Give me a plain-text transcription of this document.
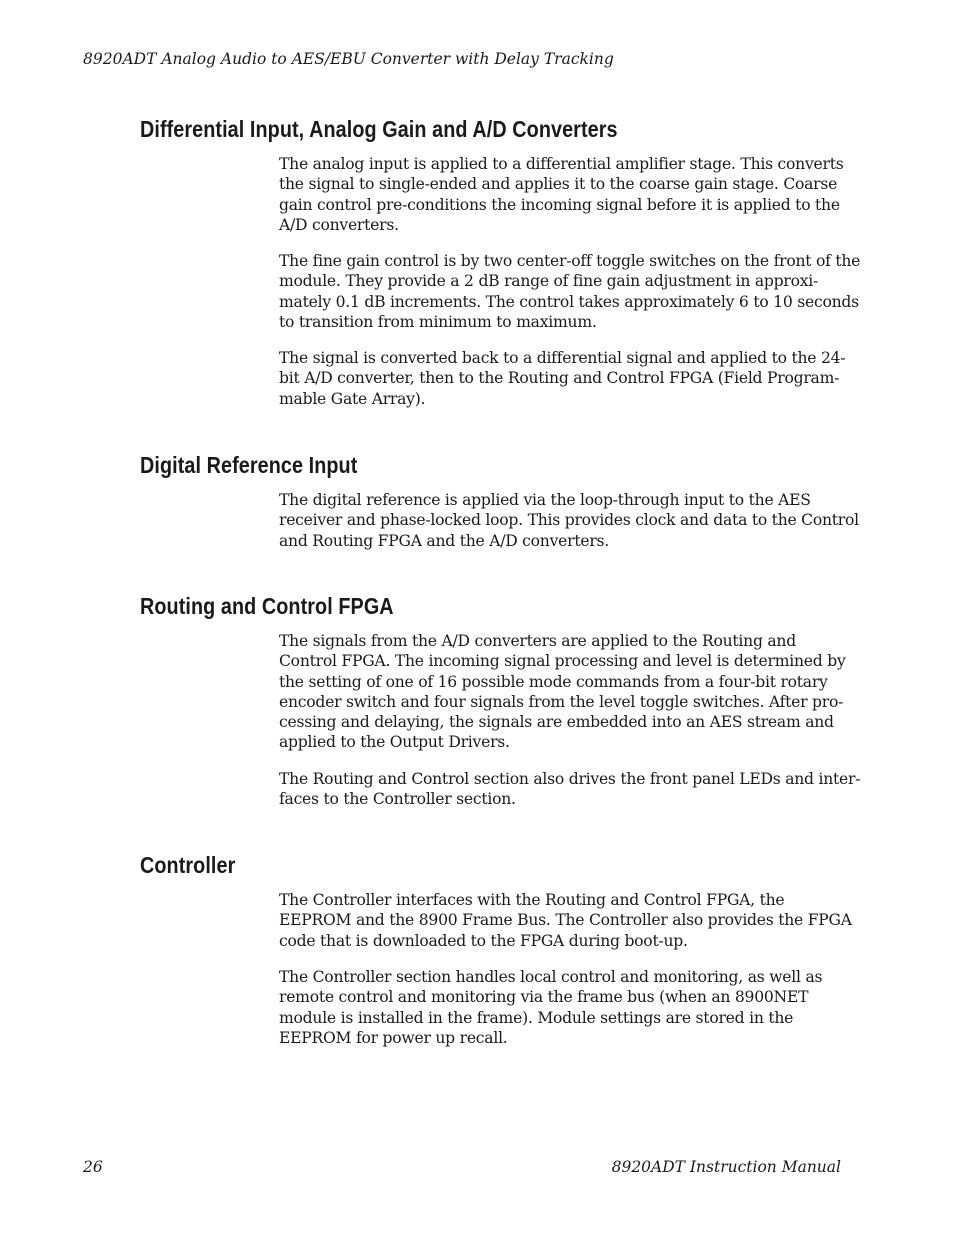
8920ADT Analog Audio to AES/EBU Converter with Delay Tracking
Differential Input, Analog Gain and A/D Converters
The analog input is applied to a differential amplifier stage. This converts
the signal to single-ended and applies it to the coarse gain stage. Coarse
gain control pre-conditions the incoming signal before it is applied to the
A/D converters.
The fine gain control is by two center-off toggle switches on the front of the
module. They provide a 2 dB range of fine gain adjustment in approxi-
mately 0.1 dB increments. The control takes approximately 6 to 10 seconds
to transition from minimum to maximum.
The signal is converted back to a differential signal and applied to the 24-
bit A/D converter, then to the Routing and Control FPGA (Field Program-
mable Gate Array).
Digital Reference Input
The digital reference is applied via the loop-through input to the AES
receiver and phase-locked loop. This provides clock and data to the Control
and Routing FPGA and the A/D converters.
Routing and Control FPGA
The signals from the A/D converters are applied to the Routing and
Control FPGA. The incoming signal processing and level is determined by
the setting of one of 16 possible mode commands from a four-bit rotary
encoder switch and four signals from the level toggle switches. After pro-
cessing and delaying, the signals are embedded into an AES stream and
applied to the Output Drivers.
The Routing and Control section also drives the front panel LEDs and inter-
faces to the Controller section.
Controller
The Controller interfaces with the Routing and Control FPGA, the
EEPROM and the 8900 Frame Bus. The Controller also provides the FPGA
code that is downloaded to the FPGA during boot-up.
The Controller section handles local control and monitoring, as well as
remote control and monitoring via the frame bus (when an 8900NET
module is installed in the frame). Module settings are stored in the
EEPROM for power up recall.
26	8920ADT Instruction Manual
